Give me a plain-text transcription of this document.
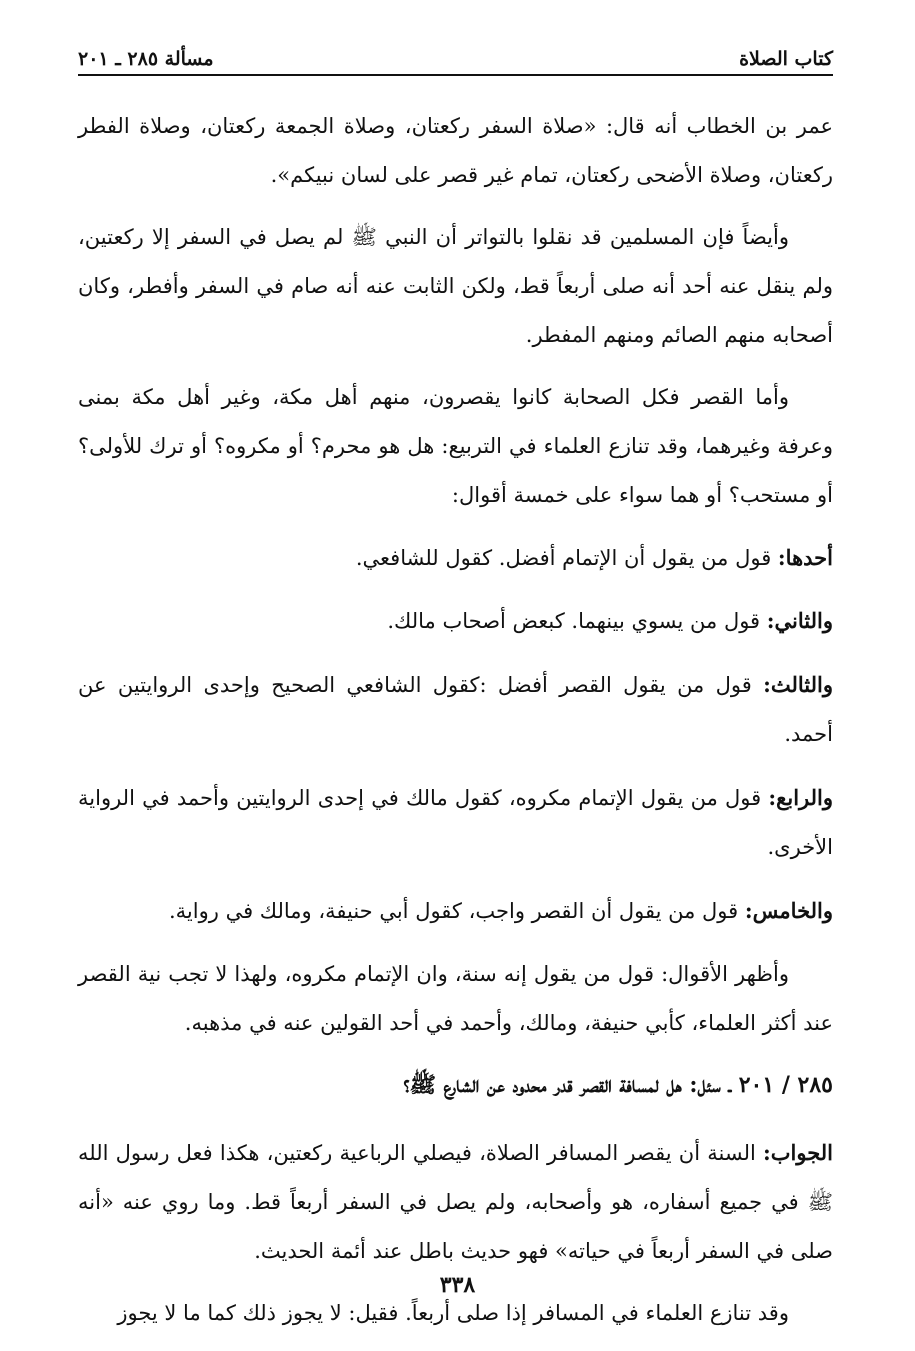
كتاب الصلاة
مسألة ٢٨٥ ـ ٢٠١

عمر بن الخطاب أنه قال: «صلاة السفر ركعتان، وصلاة الجمعة ركعتان، وصلاة الفطر ركعتان، وصلاة الأضحى ركعتان، تمام غير قصر على لسان نبيكم».

وأيضاً فإن المسلمين قد نقلوا بالتواتر أن النبي ﷺ لم يصل في السفر إلا ركعتين، ولم ينقل عنه أحد أنه صلى أربعاً قط، ولكن الثابت عنه أنه صام في السفر وأفطر، وكان أصحابه منهم الصائم ومنهم المفطر.

وأما القصر فكل الصحابة كانوا يقصرون، منهم أهل مكة، وغير أهل مكة بمنى وعرفة وغيرهما، وقد تنازع العلماء في التربيع: هل هو محرم؟ أو مكروه؟ أو ترك للأولى؟ أو مستحب؟ أو هما سواء على خمسة أقوال:

أحدها: قول من يقول أن الإتمام أفضل. كقول للشافعي.

والثاني: قول من يسوي بينهما. كبعض أصحاب مالك.

والثالث: قول من يقول القصر أفضل :كقول الشافعي الصحيح وإحدى الروايتين عن أحمد.

والرابع: قول من يقول الإتمام مكروه، كقول مالك في إحدى الروايتين وأحمد في الرواية الأخرى.

والخامس: قول من يقول أن القصر واجب، كقول أبي حنيفة، ومالك في رواية.

وأظهر الأقوال: قول من يقول إنه سنة، وان الإتمام مكروه، ولهذا لا تجب نية القصر عند أكثر العلماء، كأبي حنيفة، ومالك، وأحمد في أحد القولين عنه في مذهبه.

٢٨٥ / ٢٠١ ـ سئل: هل لمسافة القصر قدر محدود عن الشارع ﷺ؟

الجواب: السنة أن يقصر المسافر الصلاة، فيصلي الرباعية ركعتين، هكذا فعل رسول الله ﷺ في جميع أسفاره، هو وأصحابه، ولم يصل في السفر أربعاً قط. وما روي عنه «أنه صلى في السفر أربعاً في حياته» فهو حديث باطل عند أئمة الحديث.

وقد تنازع العلماء في المسافر إذا صلى أربعاً. فقيل: لا يجوز ذلك كما ما لا يجوز

٣٣٨
